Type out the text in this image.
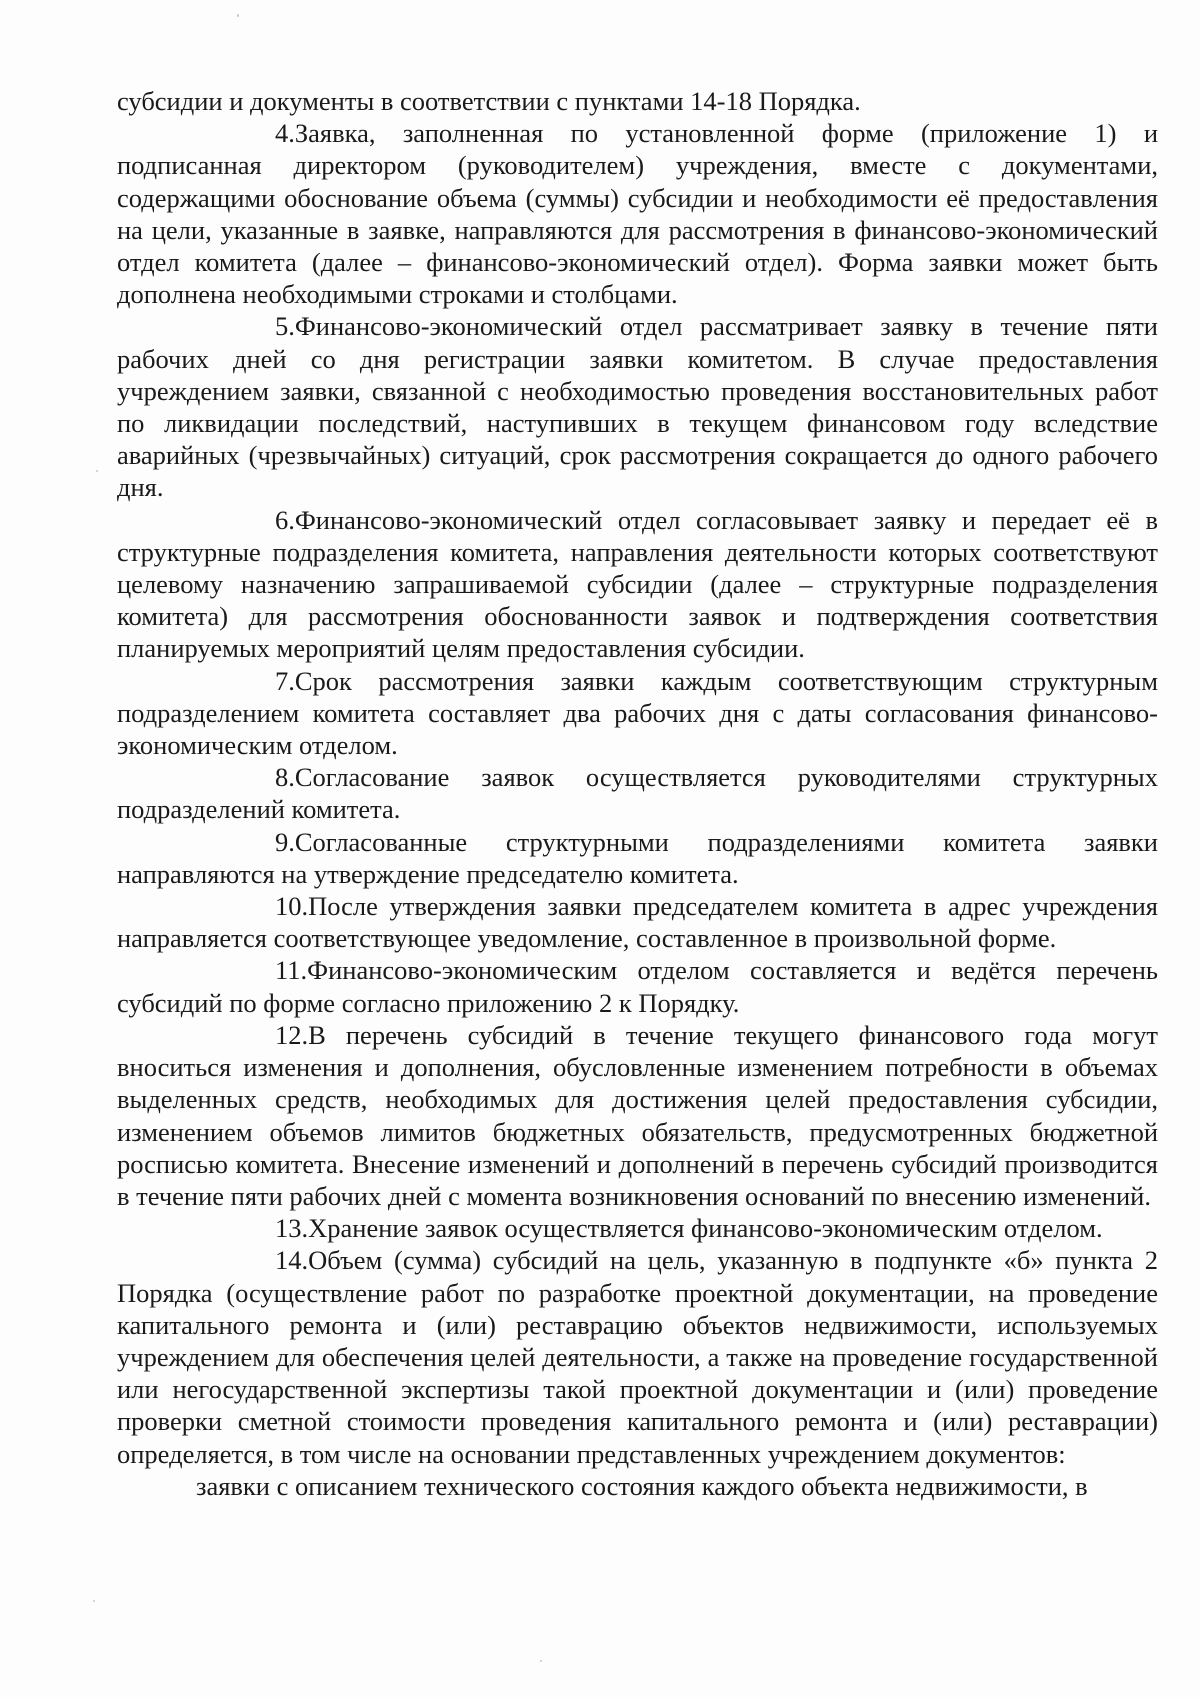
субсидии и документы в соответствии с пунктами 14-18 Порядка.

4.Заявка, заполненная по установленной форме (приложение 1) и подписанная директором (руководителем) учреждения, вместе с документами, содержащими обоснование объема (суммы) субсидии и необходимости её предоставления на цели, указанные в заявке, направляются для рассмотрения в финансово-экономический отдел комитета (далее – финансово-экономический отдел). Форма заявки может быть дополнена необходимыми строками и столбцами.

5.Финансово-экономический отдел рассматривает заявку в течение пяти рабочих дней со дня регистрации заявки комитетом. В случае предоставления учреждением заявки, связанной с необходимостью проведения восстановительных работ по ликвидации последствий, наступивших в текущем финансовом году вследствие аварийных (чрезвычайных) ситуаций, срок рассмотрения сокращается до одного рабочего дня.

6.Финансово-экономический отдел согласовывает заявку и передает её в структурные подразделения комитета, направления деятельности которых соответствуют целевому назначению запрашиваемой субсидии (далее – структурные подразделения комитета) для рассмотрения обоснованности заявок и подтверждения соответствия планируемых мероприятий целям предоставления субсидии.

7.Срок рассмотрения заявки каждым соответствующим структурным подразделением комитета составляет два рабочих дня с даты согласования финансово-экономическим отделом.

8.Согласование заявок осуществляется руководителями структурных подразделений комитета.

9.Согласованные структурными подразделениями комитета заявки направляются на утверждение председателю комитета.

10.После утверждения заявки председателем комитета в адрес учреждения направляется соответствующее уведомление, составленное в произвольной форме.

11.Финансово-экономическим отделом составляется и ведётся перечень субсидий по форме согласно приложению 2 к Порядку.

12.В перечень субсидий в течение текущего финансового года могут вноситься изменения и дополнения, обусловленные изменением потребности в объемах выделенных средств, необходимых для достижения целей предоставления субсидии, изменением объемов лимитов бюджетных обязательств, предусмотренных бюджетной росписью комитета. Внесение изменений и дополнений в перечень субсидий производится в течение пяти рабочих дней с момента возникновения оснований по внесению изменений.

13.Хранение заявок осуществляется финансово-экономическим отделом.

14.Объем (сумма) субсидий на цель, указанную в подпункте «б» пункта 2 Порядка (осуществление работ по разработке проектной документации, на проведение капитального ремонта и (или) реставрацию объектов недвижимости, используемых учреждением для обеспечения целей деятельности, а также на проведение государственной или негосударственной экспертизы такой проектной документации и (или) проведение проверки сметной стоимости проведения капитального ремонта и (или) реставрации) определяется, в том числе на основании представленных учреждением документов:

заявки с описанием технического состояния каждого объекта недвижимости, в
